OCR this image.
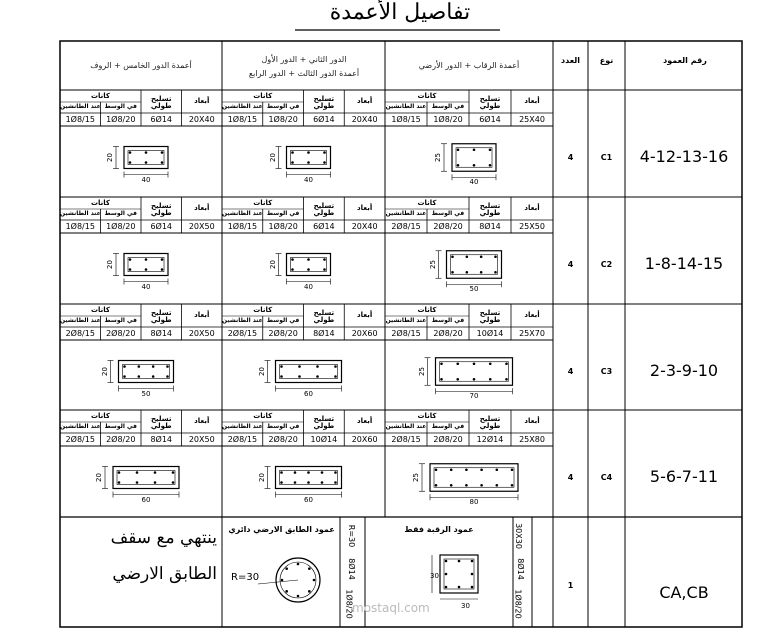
تفاصيل الأعمدة
أعمدة الرقاب + الدور الأرضي
الدور الثاني + الدور الأول
أعمدة الدور الثالث + الدور الرابع
أعمدة الدور الخامس + الروف
العدد	نوع	رقم العمود
4	C1	4-12-13-16
كانات
عند الطانشين في الوسط
تسليح طولي
أبعاد
1Ø8/15	1Ø8/20	6Ø14	25X40
40
25
كانات
عند الطانشين في الوسط
تسليح طولي
أبعاد
1Ø8/15	1Ø8/20	6Ø14	20X40
40
20
كانات
عند الطانشين في الوسط
تسليح طولي
أبعاد
1Ø8/15	1Ø8/20	6Ø14	20X40
40
20
4	C2	1-8-14-15
كانات
عند الطانشين في الوسط
تسليح طولي
أبعاد
2Ø8/15	2Ø8/20	8Ø14	25X50
50
25
كانات
عند الطانشين في الوسط
تسليح طولي
أبعاد
1Ø8/15	1Ø8/20	6Ø14	20X40
40
20
كانات
عند الطانشين في الوسط
تسليح طولي
أبعاد
1Ø8/15	1Ø8/20	6Ø14	20X50
40
20
4	C3	2-3-9-10
كانات
عند الطانشين في الوسط
تسليح طولي
أبعاد
2Ø8/15	2Ø8/20	10Ø14	25X70
70
25
كانات
عند الطانشين في الوسط
تسليح طولي
أبعاد
2Ø8/15	2Ø8/20	8Ø14	20X60
60
20
كانات
عند الطانشين في الوسط
تسليح طولي
أبعاد
2Ø8/15	2Ø8/20	8Ø14	20X50
50
20
4	C4	5-6-7-11
كانات
عند الطانشين في الوسط
تسليح طولي
أبعاد
2Ø8/15	2Ø8/20	12Ø14	25X80
80
25
كانات
عند الطانشين في الوسط
تسليح طولي
أبعاد
2Ø8/15	2Ø8/20	10Ø14	20X60
60
20
كانات
عند الطانشين في الوسط
تسليح طولي
أبعاد
2Ø8/15	2Ø8/20	8Ø14	20X50
60
20
1	CA,CB
عمود الرقبة فقط
عمود الطابق الارضي دائري
ينتهي مع سقف
الطابق الارضي R=30
30X30
8Ø14
1Ø8/20
R=30
8Ø14
1Ø8/20
30
30
mostaql.com
